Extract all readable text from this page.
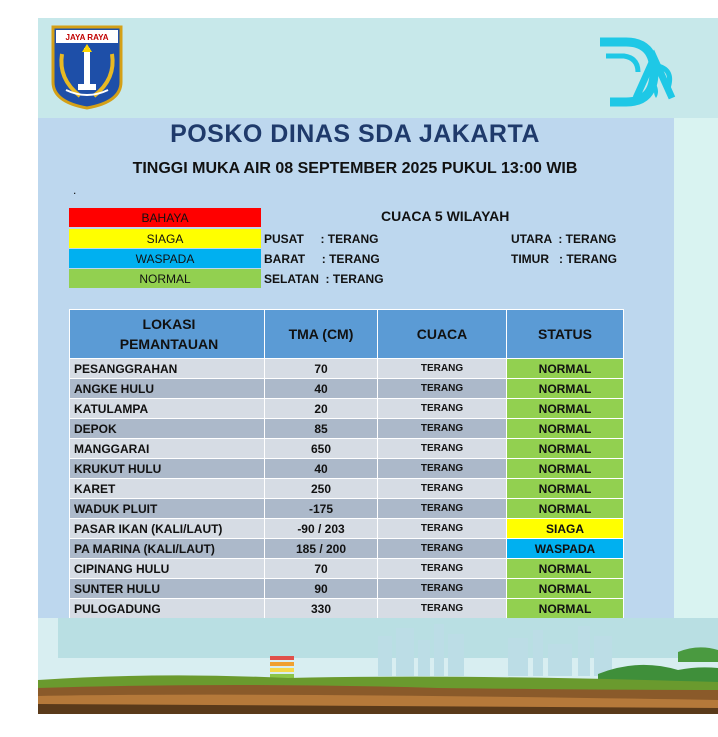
JAYA RAYA
POSKO DINAS SDA JAKARTA
TINGGI MUKA AIR 08 SEPTEMBER 2025 PUKUL 13:00 WIB
.
BAHAYA
SIAGA
WASPADA
NORMAL
CUACA 5 WILAYAH
PUSAT     : TERANG
BARAT     : TERANG
SELATAN  : TERANG
UTARA  : TERANG
TIMUR   : TERANG
LOKASI
PEMANTAUAN	TMA (CM)	CUACA	STATUS
PESANGGRAHAN	70	TERANG	NORMAL
ANGKE HULU	40	TERANG	NORMAL
KATULAMPA	20	TERANG	NORMAL
DEPOK	85	TERANG	NORMAL
MANGGARAI	650	TERANG	NORMAL
KRUKUT HULU	40	TERANG	NORMAL
KARET	250	TERANG	NORMAL
WADUK PLUIT	-175	TERANG	NORMAL
PASAR IKAN (KALI/LAUT)	-90 / 203	TERANG	SIAGA
PA MARINA (KALI/LAUT)	185 / 200	TERANG	WASPADA
CIPINANG HULU	70	TERANG	NORMAL
SUNTER HULU	90	TERANG	NORMAL
PULOGADUNG	330	TERANG	NORMAL
